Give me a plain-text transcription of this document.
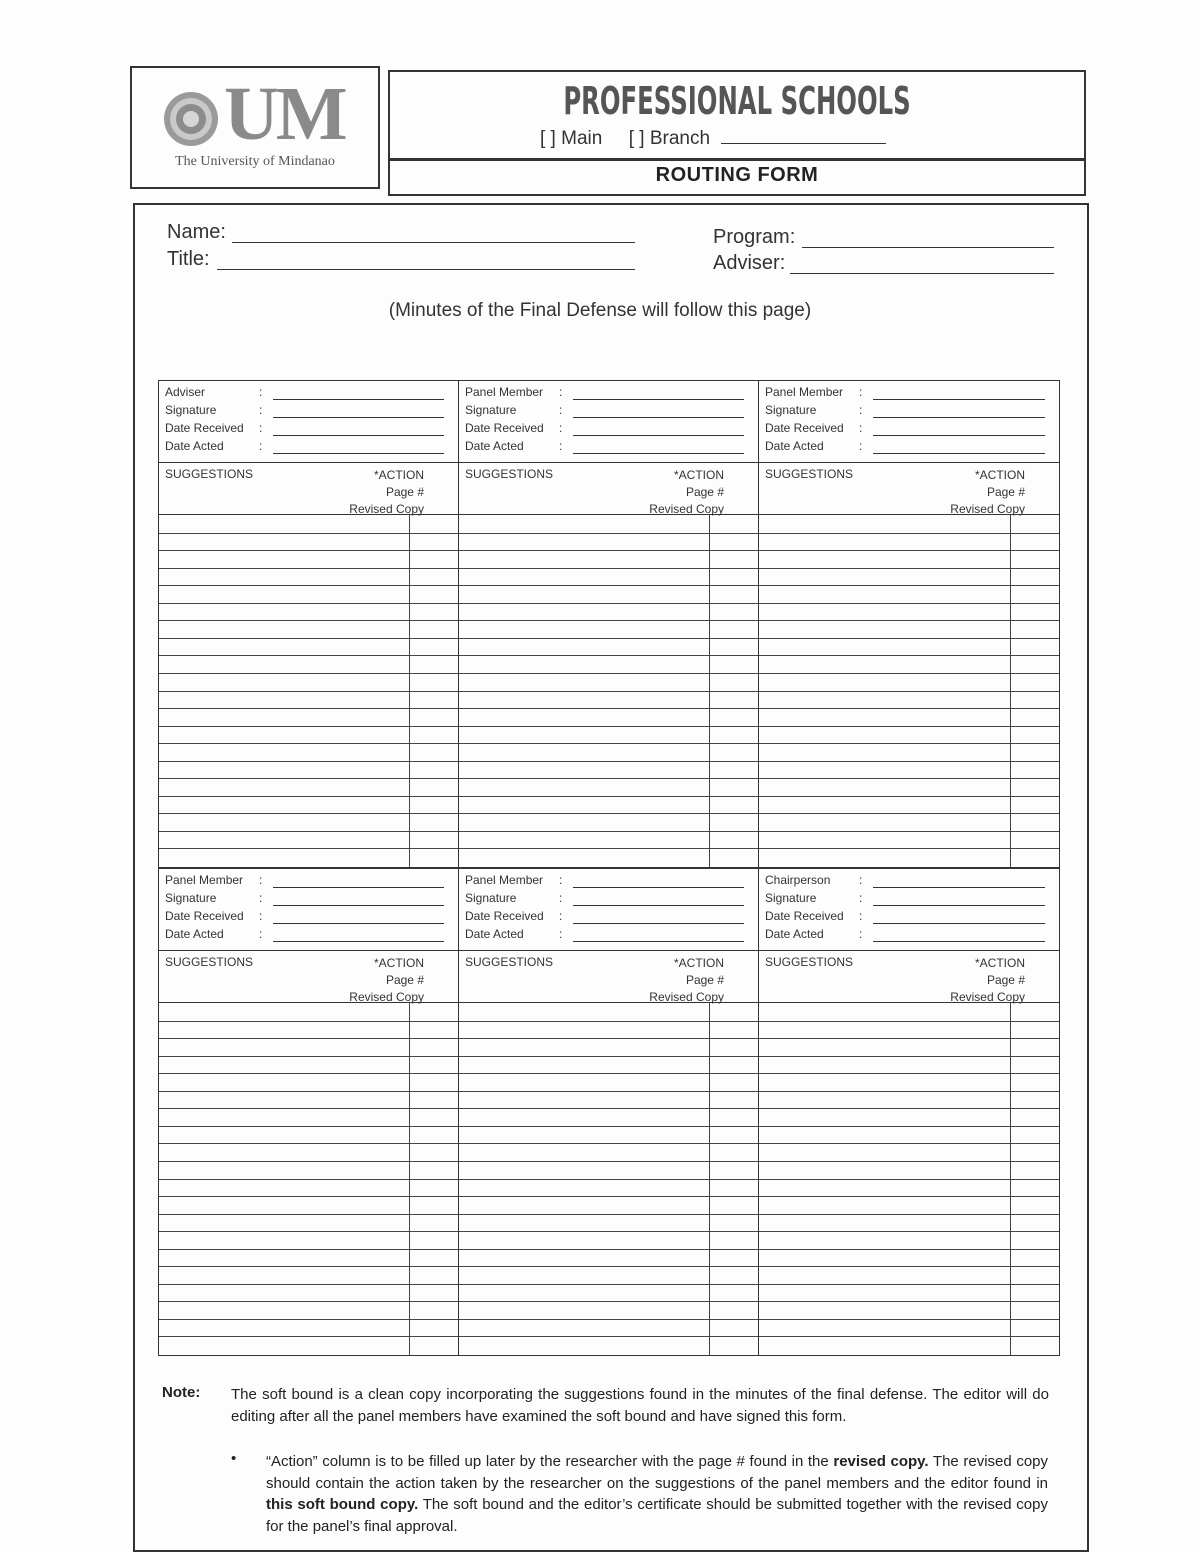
UM
The University of Mindanao
PROFESSIONAL SCHOOLS
[ ] Main [ ] Branch
ROUTING FORM
Name:
Title:
Program:
Adviser:
(Minutes of the Final Defense will follow this page)
Adviser	:
Signature	:
Date Received :
Date Acted	:
SUGGESTIONS	*ACTION
Page #
Revised Copy
Panel Member :
Signature	:
Date Received :
Date Acted	:
SUGGESTIONS	*ACTION
Page #
Revised Copy
Panel Member :
Signature	:
Date Received :
Date Acted	:
SUGGESTIONS	*ACTION
Page #
Revised Copy
Panel Member :
Signature	:
Date Received :
Date Acted	:
SUGGESTIONS	*ACTION
Page #
Revised Copy
Panel Member :
Signature	:
Date Received :
Date Acted	:
SUGGESTIONS	*ACTION
Page #
Revised Copy
Chairperson :
Signature	:
Date Received :
Date Acted	:
SUGGESTIONS	*ACTION
Page #
Revised Copy
Note: The soft bound is a clean copy incorporating the suggestions found in the minutes of the final defense. The editor will do editing after all the panel members have examined the soft bound and have signed this form.
• “Action” column is to be filled up later by the researcher with the page # found in the revised copy. The revised copy should contain the action taken by the researcher on the suggestions of the panel members and the editor found in this soft bound copy. The soft bound and the editor’s certificate should be submitted together with the revised copy for the panel’s final approval.
